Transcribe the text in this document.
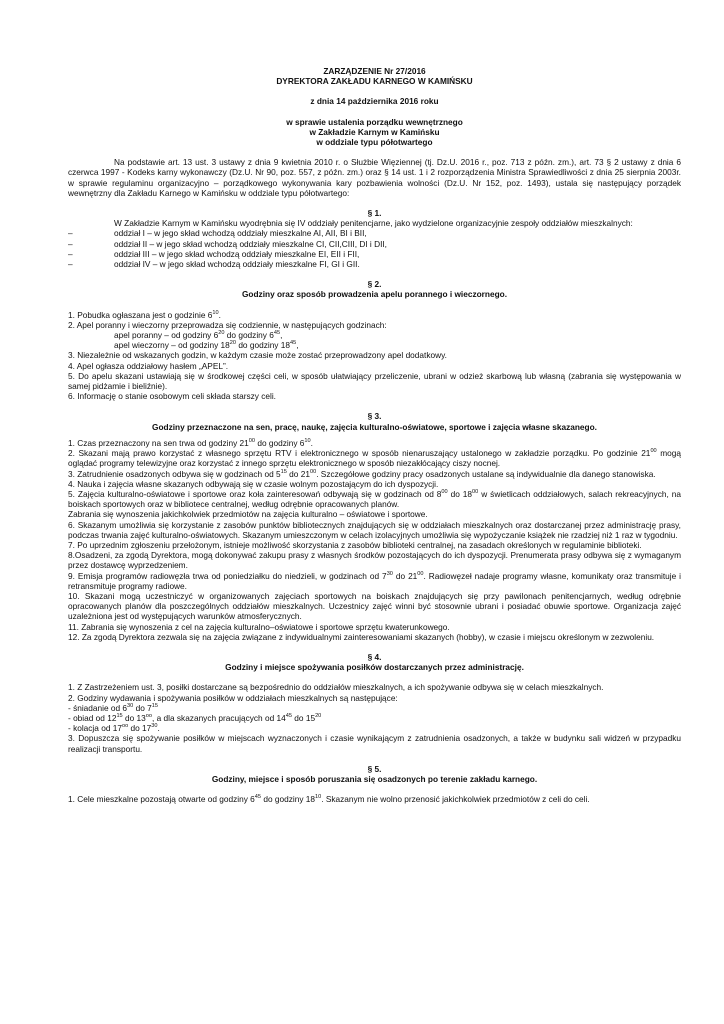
ZARZĄDZENIE Nr 27/2016
DYREKTORA ZAKŁADU KARNEGO W KAMIŃSKU
z dnia 14 października 2016 roku
w sprawie ustalenia porządku wewnętrznego
w Zakładzie Karnym w Kamińsku
w oddziale typu półotwartego

Na podstawie art. 13 ust. 3 ustawy z dnia 9 kwietnia 2010 r. o Służbie Więziennej (tj. Dz.U. 2016 r., poz. 713 z późn. zm.), art. 73 § 2 ustawy z dnia 6 czerwca 1997 - Kodeks karny wykonawczy (Dz.U. Nr 90, poz. 557, z późn. zm.) oraz § 14 ust. 1 i 2 rozporządzenia Ministra Sprawiedliwości z dnia 25 sierpnia 2003r. w sprawie regulaminu organizacyjno – porządkowego wykonywania kary pozbawienia wolności (Dz.U. Nr 152, poz. 1493), ustala się następujący porządek wewnętrzny dla Zakładu Karnego w Kamińsku w oddziale typu półotwartego:

§ 1.

W Zakładzie Karnym w Kamińsku wyodrębnia się IV oddziały penitencjarne, jako wydzielone organizacyjnie zespoły oddziałów mieszkalnych:

–	oddział I – w jego skład wchodzą oddziały mieszkalne AI, AII, BI i BII,
–	oddział II – w jego skład wchodzą oddziały mieszkalne CI, CII,CIII, DI i DII,
–	oddział III – w jego skład wchodzą oddziały mieszkalne EI, EII i FII,
–	oddział IV – w jego skład wchodzą oddziały mieszkalne FI, GI i GII.
§ 2.
Godziny oraz sposób prowadzenia apelu porannego i wieczornego.

1. Pobudka ogłaszana jest o godzinie $6^{10}$.

2. Apel poranny i wieczorny przeprowadza się codziennie, w następujących godzinach:

apel poranny – od godziny $6^{20}$ do godziny $6^{45}$,

apel wieczorny – od godziny $18^{20}$ do godziny $18^{45}$,

3. Niezależnie od wskazanych godzin, w każdym czasie może zostać przeprowadzony apel dodatkowy.

4. Apel ogłasza oddziałowy hasłem „APEL”.

5. Do apelu skazani ustawiają się w środkowej części celi, w sposób ułatwiający przeliczenie, ubrani w odzież skarbową lub własną (zabrania się występowania w samej pidżamie i bieliźnie).

6. Informację o stanie osobowym celi składa starszy celi.

§ 3.
Godziny przeznaczone na sen, pracę, naukę, zajęcia kulturalno-oświatowe, sportowe i zajęcia własne skazanego.

1. Czas przeznaczony na sen trwa od godziny $21^{00}$ do godziny $6^{10}$.

2. Skazani mają prawo korzystać z własnego sprzętu RTV i elektronicznego w sposób nienaruszający ustalonego w zakładzie porządku. Po godzinie $21^{00}$ mogą oglądać programy telewizyjne oraz korzystać z innego sprzętu elektronicznego w sposób niezakłócający ciszy nocnej.

3. Zatrudnienie osadzonych odbywa się w godzinach od $5^{15}$ do $21^{00}$. Szczegółowe godziny pracy osadzonych ustalane są indywidualnie dla danego stanowiska.

4. Nauka i zajęcia własne skazanych odbywają się w czasie wolnym pozostającym do ich dyspozycji.

5. Zajęcia kulturalno-oświatowe i sportowe oraz koła zainteresowań odbywają się w godzinach od $8^{00}$ do $18^{00}$ w świetlicach oddziałowych, salach rekreacyjnych, na boiskach sportowych oraz w bibliotece centralnej, według odrębnie opracowanych planów.

Zabrania się wynoszenia jakichkolwiek przedmiotów na zajęcia kulturalno – oświatowe i sportowe.

6. Skazanym umożliwia się korzystanie z zasobów punktów bibliotecznych znajdujących się w oddziałach mieszkalnych oraz dostarczanej przez administrację prasy, podczas trwania zajęć kulturalno-oświatowych. Skazanym umieszczonym w celach izolacyjnych umożliwia się wypożyczanie książek nie rzadziej niż 1 raz w tygodniu.

7. Po uprzednim zgłoszeniu przełożonym, istnieje możliwość skorzystania z zasobów biblioteki centralnej, na zasadach określonych w regulaminie biblioteki.

8.Osadzeni, za zgodą Dyrektora, mogą dokonywać zakupu prasy z własnych środków pozostających do ich dyspozycji. Prenumerata prasy odbywa się z wymaganym przez dostawcę wyprzedzeniem.

9. Emisja programów radiowęzła trwa od poniedziałku do niedzieli, w godzinach od $7^{30}$ do $21^{00}$. Radiowęzeł nadaje programy własne, komunikaty oraz transmituje i retransmituje programy radiowe.

10. Skazani mogą uczestniczyć w organizowanych zajęciach sportowych na boiskach znajdujących się przy pawilonach penitencjarnych, według odrębnie opracowanych planów dla poszczególnych oddziałów mieszkalnych. Uczestnicy zajęć winni być stosownie ubrani i posiadać obuwie sportowe. Organizacja zajęć uzależniona jest od występujących warunków atmosferycznych.

11. Zabrania się wynoszenia z cel na zajęcia kulturalno–oświatowe i sportowe sprzętu kwaterunkowego.

12. Za zgodą Dyrektora zezwala się na zajęcia związane z indywidualnymi zainteresowaniami skazanych (hobby), w czasie i miejscu określonym w zezwoleniu.

§ 4.
Godziny i miejsce spożywania posiłków dostarczanych przez administrację.

1. Z Zastrzeżeniem ust. 3, posiłki dostarczane są bezpośrednio do oddziałów mieszkalnych, a ich spożywanie odbywa się w celach mieszkalnych.

2. Godziny wydawania i spożywania posiłków w oddziałach mieszkalnych są następujące:

- śniadanie od $6^{30}$ do $7^{15}$

- obiad od $12^{15}$ do $13^{oo}$, a dla skazanych pracujących od $14^{45}$ do $15^{20}$

- kolacja od $17^{oo}$ do $17^{30}$.

3. Dopuszcza się spożywanie posiłków w miejscach wyznaczonych i czasie wynikającym z zatrudnienia osadzonych, a także w budynku sali widzeń w przypadku realizacji transportu.

§ 5.
Godziny, miejsce i sposób poruszania się osadzonych po terenie zakładu karnego.

1. Cele mieszkalne pozostają otwarte od godziny $6^{45}$ do godziny $18^{10}$. Skazanym nie wolno przenosić jakichkolwiek przedmiotów z celi do celi.
